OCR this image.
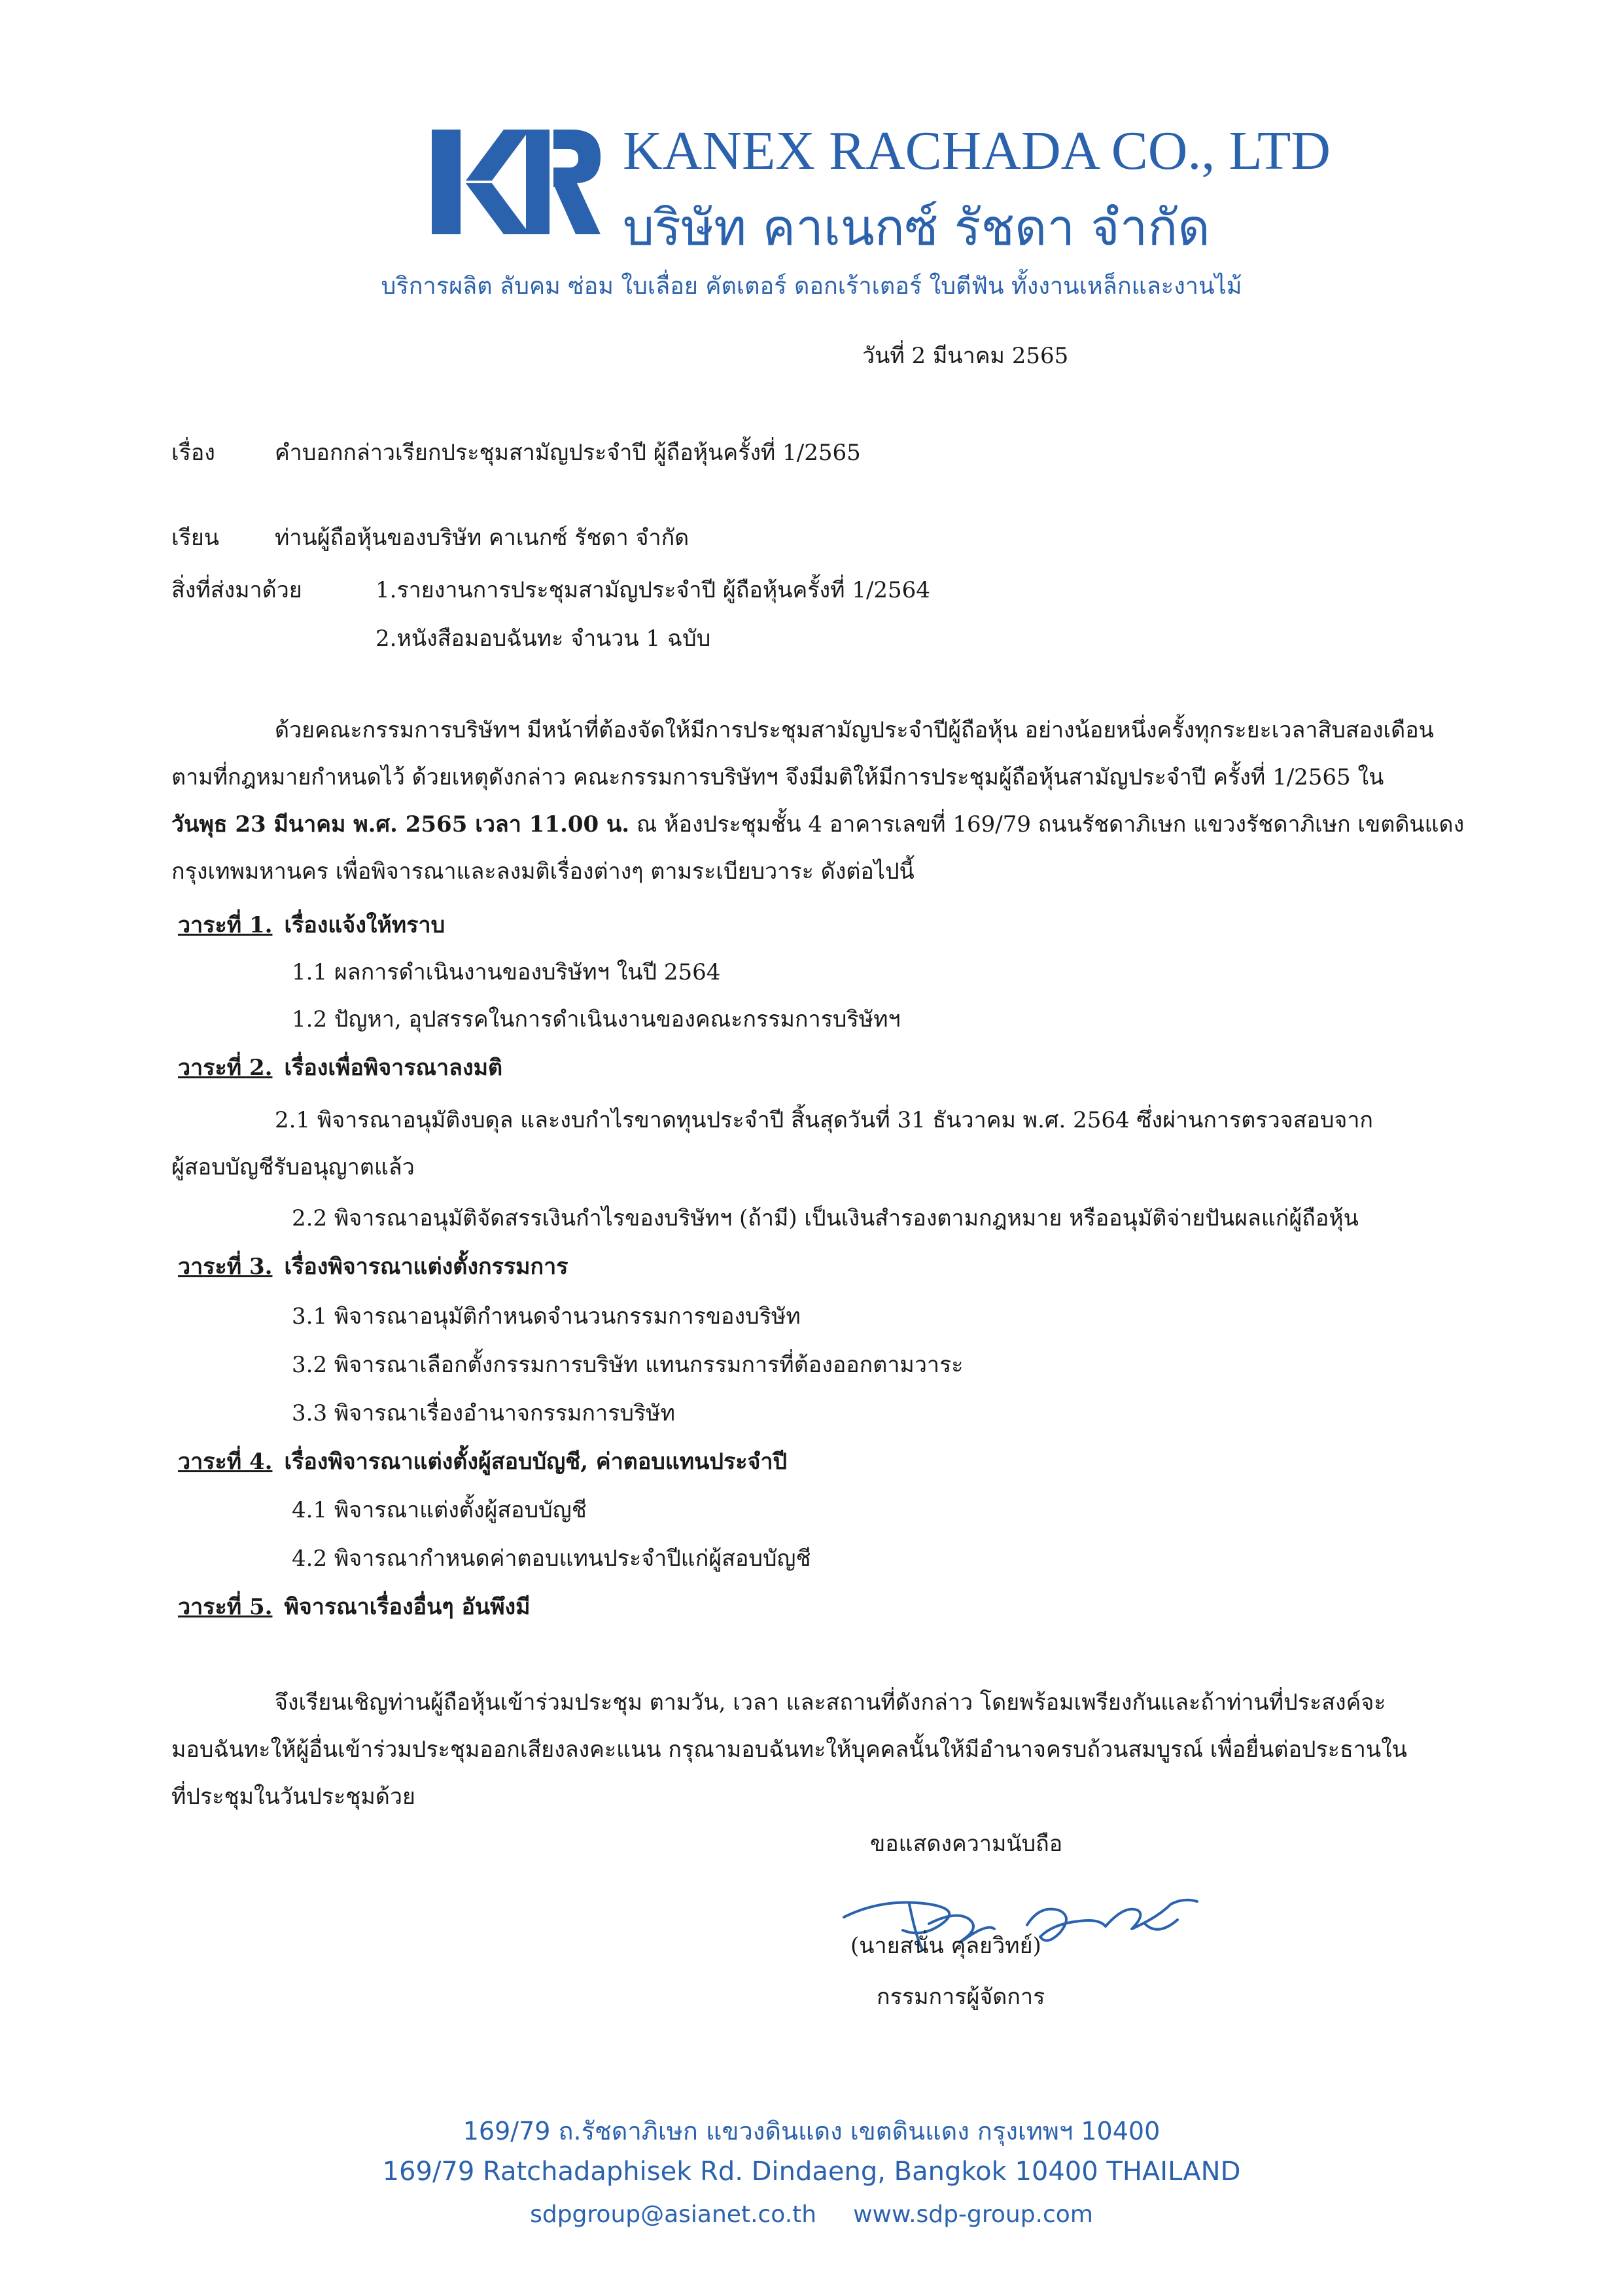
KANEX RACHADA CO., LTD
บริษัท คาเนกซ์ รัชดา จำกัด
บริการผลิต ลับคม ซ่อม ใบเลื่อย คัตเตอร์ ดอกเร้าเตอร์ ใบตีฟัน ทั้งงานเหล็กและงานไม้
วันที่ 2 มีนาคม 2565
เรื่อง	คำบอกกล่าวเรียกประชุมสามัญประจำปี ผู้ถือหุ้นครั้งที่ 1/2565
เรียน ท่านผู้ถือหุ้นของบริษัท คาเนกซ์ รัชดา จำกัด
สิ่งที่ส่งมาด้วย	1.รายงานการประชุมสามัญประจำปี ผู้ถือหุ้นครั้งที่ 1/2564
2.หนังสือมอบฉันทะ จำนวน 1 ฉบับ
ด้วยคณะกรรมการบริษัทฯ มีหน้าที่ต้องจัดให้มีการประชุมสามัญประจำปีผู้ถือหุ้น อย่างน้อยหนึ่งครั้งทุกระยะเวลาสิบสองเดือน
ตามที่กฎหมายกำหนดไว้ ด้วยเหตุดังกล่าว คณะกรรมการบริษัทฯ จึงมีมติให้มีการประชุมผู้ถือหุ้นสามัญประจำปี ครั้งที่ 1/2565 ใน
วันพุธ 23 มีนาคม พ.ศ. 2565 เวลา 11.00 น. ณ ห้องประชุมชั้น 4 อาคารเลขที่ 169/79 ถนนรัชดาภิเษก แขวงรัชดาภิเษก เขตดินแดง
กรุงเทพมหานคร เพื่อพิจารณาและลงมติเรื่องต่างๆ ตามระเบียบวาระ ดังต่อไปนี้
วาระที่ 1. เรื่องแจ้งให้ทราบ
1.1 ผลการดำเนินงานของบริษัทฯ ในปี 2564
1.2 ปัญหา, อุปสรรคในการดำเนินงานของคณะกรรมการบริษัทฯ
วาระที่ 2. เรื่องเพื่อพิจารณาลงมติ
2.1 พิจารณาอนุมัติงบดุล และงบกำไรขาดทุนประจำปี สิ้นสุดวันที่ 31 ธันวาคม พ.ศ. 2564 ซึ่งผ่านการตรวจสอบจาก
ผู้สอบบัญชีรับอนุญาตแล้ว
2.2 พิจารณาอนุมัติจัดสรรเงินกำไรของบริษัทฯ (ถ้ามี) เป็นเงินสำรองตามกฎหมาย หรืออนุมัติจ่ายปันผลแก่ผู้ถือหุ้น
วาระที่ 3. เรื่องพิจารณาแต่งตั้งกรรมการ
3.1 พิจารณาอนุมัติกำหนดจำนวนกรรมการของบริษัท
3.2 พิจารณาเลือกตั้งกรรมการบริษัท แทนกรรมการที่ต้องออกตามวาระ
3.3 พิจารณาเรื่องอำนาจกรรมการบริษัท
วาระที่ 4. เรื่องพิจารณาแต่งตั้งผู้สอบบัญชี, ค่าตอบแทนประจำปี
4.1 พิจารณาแต่งตั้งผู้สอบบัญชี
4.2 พิจารณากำหนดค่าตอบแทนประจำปีแก่ผู้สอบบัญชี
วาระที่ 5. พิจารณาเรื่องอื่นๆ อันพึงมี
จึงเรียนเชิญท่านผู้ถือหุ้นเข้าร่วมประชุม ตามวัน, เวลา และสถานที่ดังกล่าว โดยพร้อมเพรียงกันและถ้าท่านที่ประสงค์จะ
มอบฉันทะให้ผู้อื่นเข้าร่วมประชุมออกเสียงลงคะแนน กรุณามอบฉันทะให้บุคคลนั้นให้มีอำนาจครบถ้วนสมบูรณ์ เพื่อยื่นต่อประธานใน
ที่ประชุมในวันประชุมด้วย
ขอแสดงความนับถือ
(นายสนั่น คุลยวิทย์)
กรรมการผู้จัดการ
169/79 ถ.รัชดาภิเษก แขวงดินแดง เขตดินแดง กรุงเทพฯ 10400
169/79 Ratchadaphisek Rd. Dindaeng, Bangkok 10400 THAILAND
sdpgroup@asianet.co.th www.sdp-group.com
